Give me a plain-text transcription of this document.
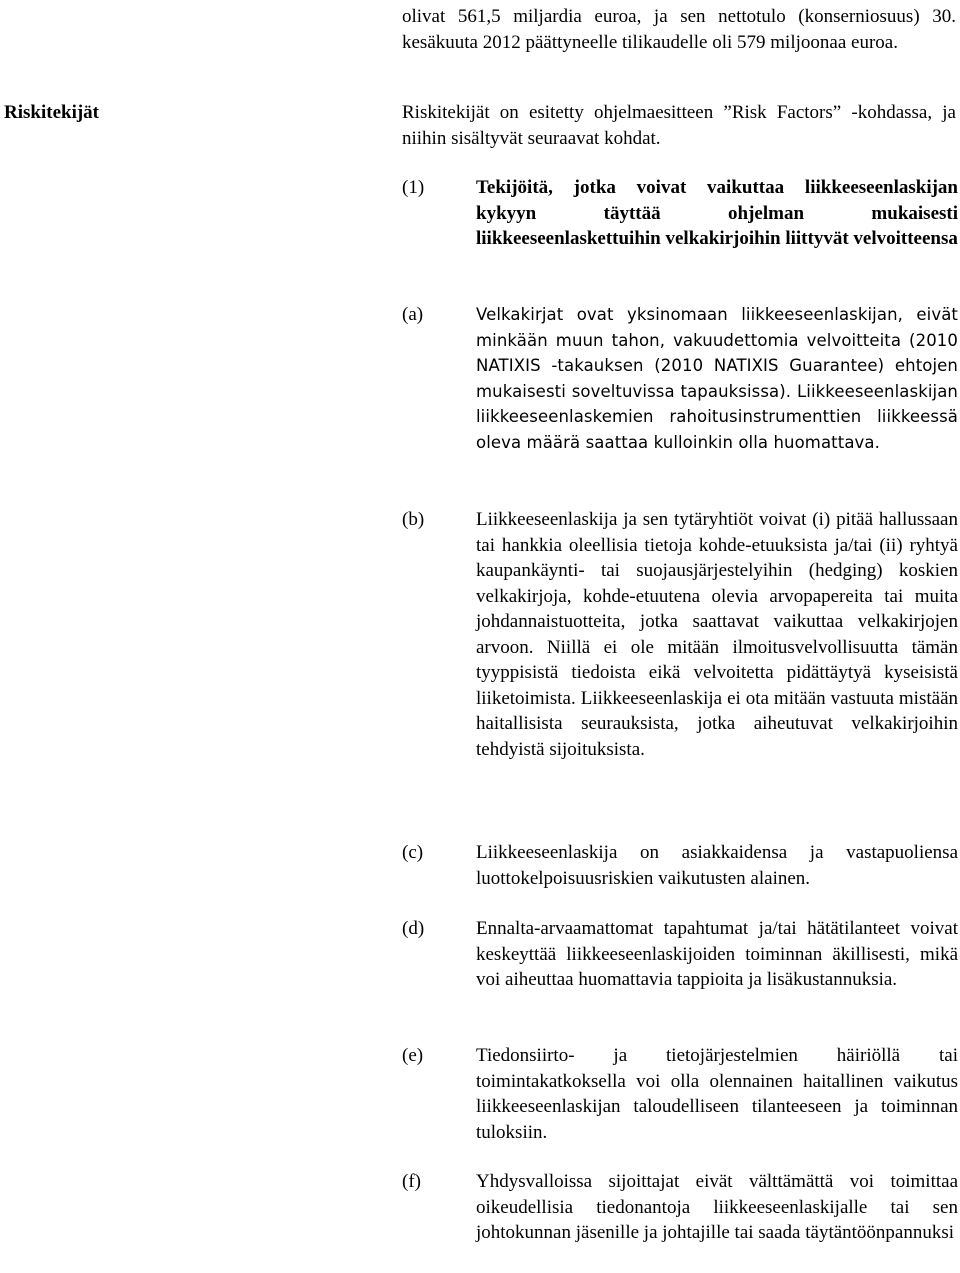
olivat 561,5 miljardia euroa, ja sen nettotulo (konserniosuus) 30. kesäkuuta 2012 päättyneelle tilikaudelle oli 579 miljoonaa euroa.
Riskitekijät	Riskitekijät on esitetty ohjelmaesitteen ”Risk Factors” -kohdassa, ja niihin sisältyvät seuraavat kohdat.
(1)	Tekijöitä, jotka voivat vaikuttaa liikkeeseenlaskijan kykyyn täyttää ohjelman mukaisesti liikkeeseenlaskettuihin velkakirjoihin liittyvät velvoitteensa
(a)	Velkakirjat ovat yksinomaan liikkeeseenlaskijan, eivät minkään muun tahon, vakuudettomia velvoitteita (2010 NATIXIS -takauksen (2010 NATIXIS Guarantee) ehtojen mukaisesti soveltuvissa tapauksissa). Liikkeeseenlaskijan liikkeeseenlaskemien rahoitusinstrumenttien liikkeessä oleva määrä saattaa kulloinkin olla huomattava.
(b)	Liikkeeseenlaskija ja sen tytäryhtiöt voivat (i) pitää hallussaan tai hankkia oleellisia tietoja kohde-etuuksista ja/tai (ii) ryhtyä kaupankäynti- tai suojausjärjestelyihin (hedging) koskien velkakirjoja, kohde-etuutena olevia arvopapereita tai muita johdannaistuotteita, jotka saattavat vaikuttaa velkakirjojen arvoon. Niillä ei ole mitään ilmoitusvelvollisuutta tämän tyyppisistä tiedoista eikä velvoitetta pidättäytyä kyseisistä liiketoimista. Liikkeeseenlaskija ei ota mitään vastuuta mistään haitallisista seurauksista, jotka aiheutuvat velkakirjoihin tehdyistä sijoituksista.
(c)	Liikkeeseenlaskija on asiakkaidensa ja vastapuoliensa luottokelpoisuusriskien vaikutusten alainen.
(d)	Ennalta-arvaamattomat tapahtumat ja/tai hätätilanteet voivat keskeyttää liikkeeseenlaskijoiden toiminnan äkillisesti, mikä voi aiheuttaa huomattavia tappioita ja lisäkustannuksia.
(e)	Tiedonsiirto- ja tietojärjestelmien häiriöllä tai toimintakatkoksella voi olla olennainen haitallinen vaikutus liikkeeseenlaskijan taloudelliseen tilanteeseen ja toiminnan tuloksiin.
(f)	Yhdysvalloissa sijoittajat eivät välttämättä voi toimittaa oikeudellisia tiedonantoja liikkeeseenlaskijalle tai sen johtokunnan jäsenille ja johtajille tai saada täytäntöönpannuksi
